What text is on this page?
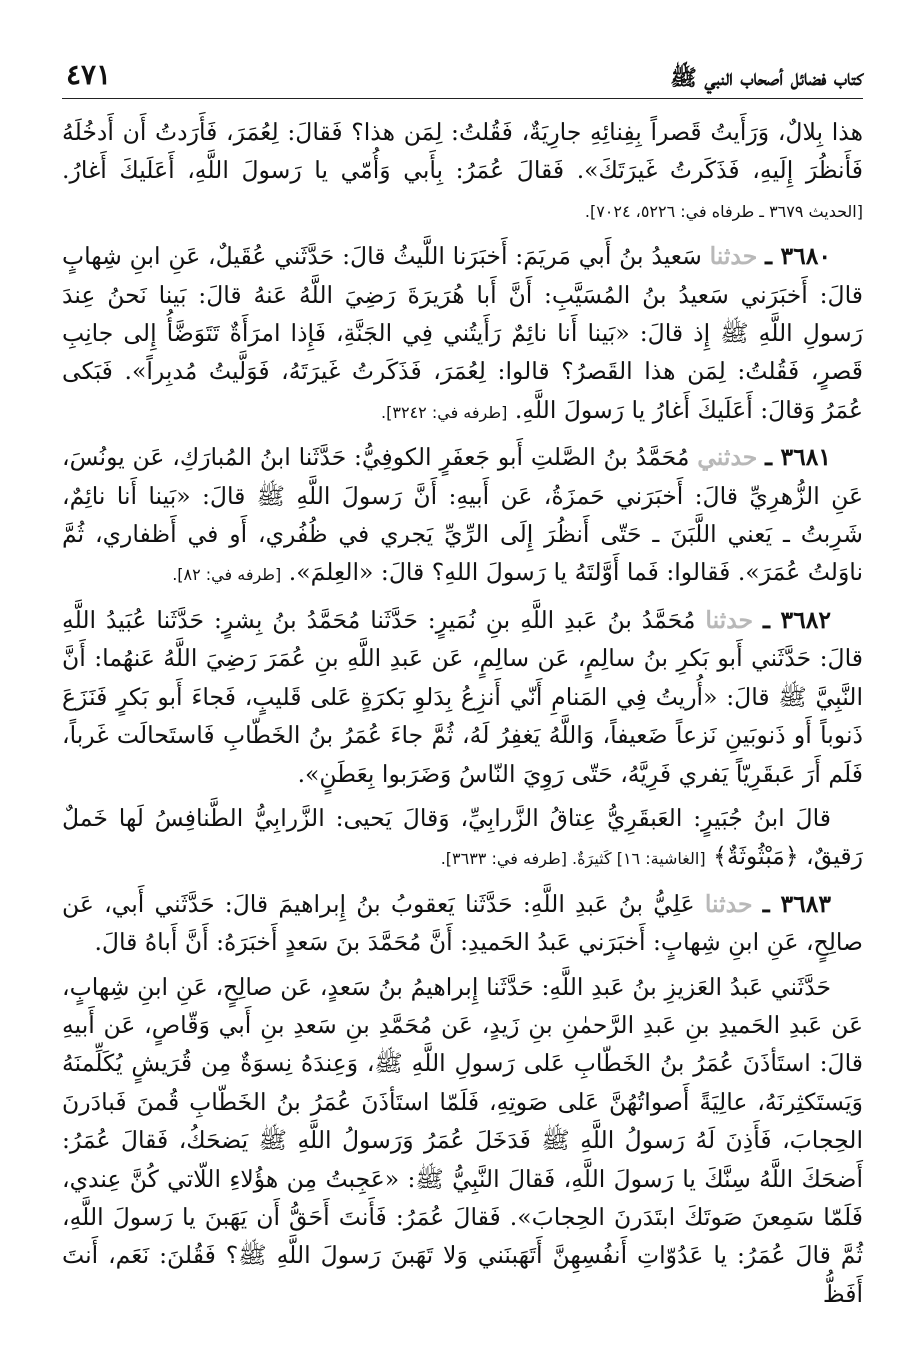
كتاب فضائل أصحاب النبي ﷺ
٤٧١

هذا بِلالٌ، وَرَأَيتُ قَصراً بِفِنائِهِ جارِيَةٌ، فَقُلتُ: لِمَن هذا؟ فَقالَ: لِعُمَرَ، فَأَرَدتُ أَن أَدخُلَهُ فَأَنظُرَ إِلَيهِ، فَذَكَرتُ غَيرَتَكَ». فَقالَ عُمَرُ: بِأَبي وَأُمّي يا رَسولَ اللَّهِ، أَعَلَيكَ أَغارُ. [الحديث ٣٦٧٩ ـ طرفاه في: ٥٢٢٦، ٧٠٢٤].

٣٦٨٠ ـ حدثنا سَعيدُ بنُ أَبي مَريَمَ: أَخبَرَنا اللَّيثُ قالَ: حَدَّثَني عُقَيلٌ، عَنِ ابنِ شِهابٍ قالَ: أَخبَرَني سَعيدُ بنُ المُسَيَّبِ: أَنَّ أَبا هُرَيرَةَ رَضِيَ اللَّهُ عَنهُ قالَ: بَينا نَحنُ عِندَ رَسولِ اللَّهِ ﷺ إِذ قالَ: «بَينا أَنا نائِمٌ رَأَيتُني فِي الجَنَّةِ، فَإِذا امرَأَةٌ تَتَوَضَّأُ إِلى جانِبِ قَصرٍ، فَقُلتُ: لِمَن هذا القَصرُ؟ قالوا: لِعُمَرَ، فَذَكَرتُ غَيرَتَهُ، فَوَلَّيتُ مُدبِراً». فَبَكى عُمَرُ وَقالَ: أَعَلَيكَ أَغارُ يا رَسولَ اللَّهِ. [طرفه في: ٣٢٤٢].

٣٦٨١ ـ حدثني مُحَمَّدُ بنُ الصَّلتِ أَبو جَعفَرٍ الكوفِيُّ: حَدَّثَنا ابنُ المُبارَكِ، عَن يونُسَ، عَنِ الزُّهرِيِّ قالَ: أَخبَرَني حَمزَةُ، عَن أَبيهِ: أَنَّ رَسولَ اللَّهِ ﷺ قالَ: «بَينا أَنا نائِمٌ، شَرِبتُ ـ يَعني اللَّبَنَ ـ حَتّى أَنظُرَ إِلَى الرِّيِّ يَجري في ظُفُري، أَو في أَظفاري، ثُمَّ ناوَلتُ عُمَرَ». فَقالوا: فَما أَوَّلتَهُ يا رَسولَ اللهِ؟ قالَ: «العِلمَ». [طرفه في: ٨٢].

٣٦٨٢ ـ حدثنا مُحَمَّدُ بنُ عَبدِ اللَّهِ بنِ نُمَيرٍ: حَدَّثَنا مُحَمَّدُ بنُ بِشرٍ: حَدَّثَنا عُبَيدُ اللَّهِ قالَ: حَدَّثَني أَبو بَكرِ بنُ سالِمٍ، عَن سالِمٍ، عَن عَبدِ اللَّهِ بنِ عُمَرَ رَضِيَ اللَّهُ عَنهُما: أَنَّ النَّبِيَّ ﷺ قالَ: «أُريتُ فِي المَنامِ أَنّي أَنزِعُ بِدَلوِ بَكرَةٍ عَلى قَليبٍ، فَجاءَ أَبو بَكرٍ فَنَزَعَ ذَنوباً أَو ذَنوبَينِ نَزعاً ضَعيفاً، وَاللَّهُ يَغفِرُ لَهُ، ثُمَّ جاءَ عُمَرُ بنُ الخَطّابِ فَاستَحالَت غَرباً، فَلَم أَرَ عَبقَرِيّاً يَفري فَرِيَّهُ، حَتّى رَوِيَ النّاسُ وَضَرَبوا بِعَطَنٍ».

قالَ ابنُ جُبَيرٍ: العَبقَرِيُّ عِتاقُ الزَّرابِيِّ، وَقالَ يَحيى: الزَّرابِيُّ الطَّنافِسُ لَها خَملٌ رَقيقٌ، ﴿مَبْثُوثَةٌ﴾ [الغاشية: ١٦] كَثيرَةٌ. [طرفه في: ٣٦٣٣].

٣٦٨٣ ـ حدثنا عَلِيُّ بنُ عَبدِ اللَّهِ: حَدَّثَنا يَعقوبُ بنُ إِبراهيمَ قالَ: حَدَّثَني أَبي، عَن صالِحٍ، عَنِ ابنِ شِهابٍ: أَخبَرَني عَبدُ الحَميدِ: أَنَّ مُحَمَّدَ بنَ سَعدٍ أَخبَرَهُ: أَنَّ أَباهُ قالَ.

حَدَّثَني عَبدُ العَزيزِ بنُ عَبدِ اللَّهِ: حَدَّثَنا إِبراهيمُ بنُ سَعدٍ، عَن صالِحٍ، عَنِ ابنِ شِهابٍ، عَن عَبدِ الحَميدِ بنِ عَبدِ الرَّحمٰنِ بنِ زَيدٍ، عَن مُحَمَّدِ بنِ سَعدِ بنِ أَبي وَقّاصٍ، عَن أَبيهِ قالَ: استَأذَنَ عُمَرُ بنُ الخَطّابِ عَلى رَسولِ اللَّهِ ﷺ، وَعِندَهُ نِسوَةٌ مِن قُرَيشٍ يُكَلِّمنَهُ وَيَستَكثِرنَهُ، عالِيَةً أَصواتُهُنَّ عَلى صَوتِهِ، فَلَمّا استَأذَنَ عُمَرُ بنُ الخَطّابِ قُمنَ فَبادَرنَ الحِجابَ، فَأَذِنَ لَهُ رَسولُ اللَّهِ ﷺ فَدَخَلَ عُمَرُ وَرَسولُ اللَّهِ ﷺ يَضحَكُ، فَقالَ عُمَرُ: أَضحَكَ اللَّهُ سِنَّكَ يا رَسولَ اللَّهِ، فَقالَ النَّبِيُّ ﷺ: «عَجِبتُ مِن هؤُلاءِ اللّاتي كُنَّ عِندي، فَلَمّا سَمِعنَ صَوتَكَ ابتَدَرنَ الحِجابَ». فَقالَ عُمَرُ: فَأَنتَ أَحَقُّ أَن يَهَبنَ يا رَسولَ اللَّهِ، ثُمَّ قالَ عُمَرُ: يا عَدُوّاتِ أَنفُسِهِنَّ أَتَهَبنَني وَلا تَهَبنَ رَسولَ اللَّهِ ﷺ؟ فَقُلنَ: نَعَم، أَنتَ أَفَظُّ
